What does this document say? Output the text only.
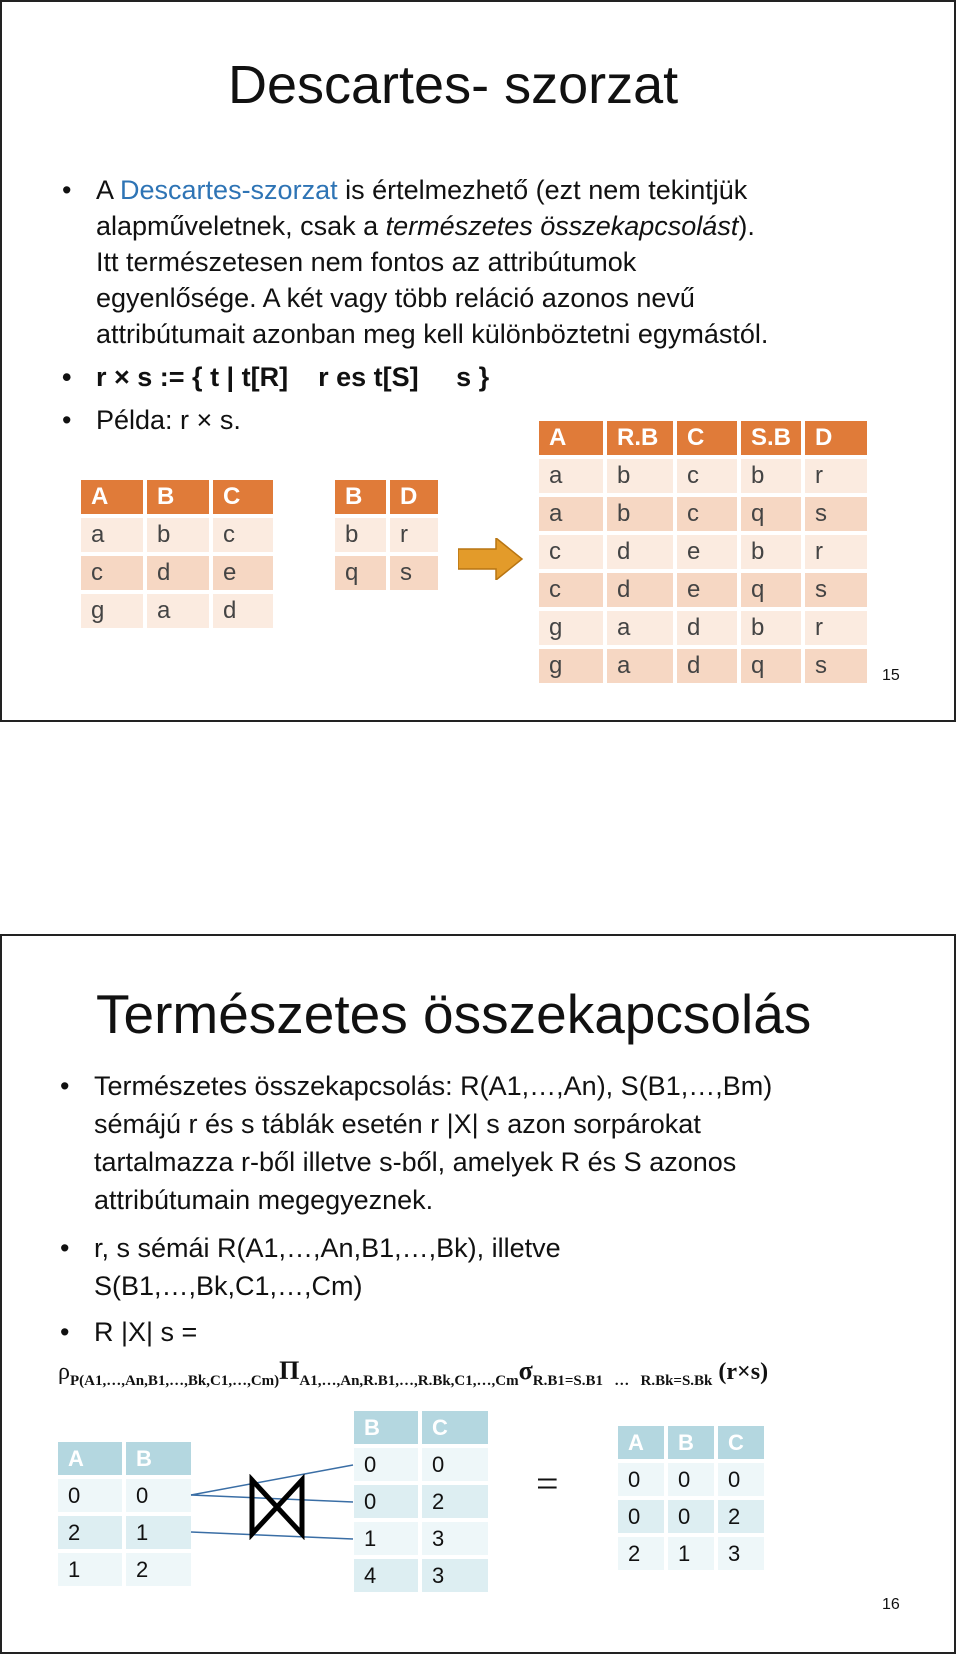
Descartes- szorzat
• A Descartes-szorzat is értelmezhető (ezt nem tekintjük
alapműveletnek, csak a természetes összekapcsolást).
Itt természetesen nem fontos az attribútumok
egyenlősége. A két vagy több reláció azonos nevű
attribútumait azonban meg kell különböztetni egymástól.
• r × s := { t | t[R]    r es t[S]     s }
• Példa: r × s.
A	B	C
a	b	c
c	d	e
g	a	d
B	D
b	r
q	s
A	R.B	C	S.B	D
a	b	c	b	r
a	b	c	q	s
c	d	e	b	r
c	d	e	q	s
g	a	d	b	r
g	a	d	q	s	15
Természetes összekapcsolás
• Természetes összekapcsolás: R(A1,…,An), S(B1,…,Bm)
sémájú r és s táblák esetén r |X| s azon sorpárokat
tartalmazza r-ből illetve s-ből, amelyek R és S azonos
attribútumain megegyeznek.
• r, s sémái R(A1,…,An,B1,…,Bk), illetve
S(B1,…,Bk,C1,…,Cm)
• R |X| s =
$\rho_{P(A1,\dots,An,B1,\dots,Bk,C1,\dots,Cm)}\Pi_{A1,\dots,An,R.B1,\dots,R.Bk,C1,\dots,Cm}\sigma_{R.B1=S.B1 \dots R.Bk=S.Bk}$ (r×s)
A	B
0	0
2	1
1	2
B	C
0	0
0	2
1	3
4	3
A	B	C
0	0	0
0	0	2
2	1	3
=
16
